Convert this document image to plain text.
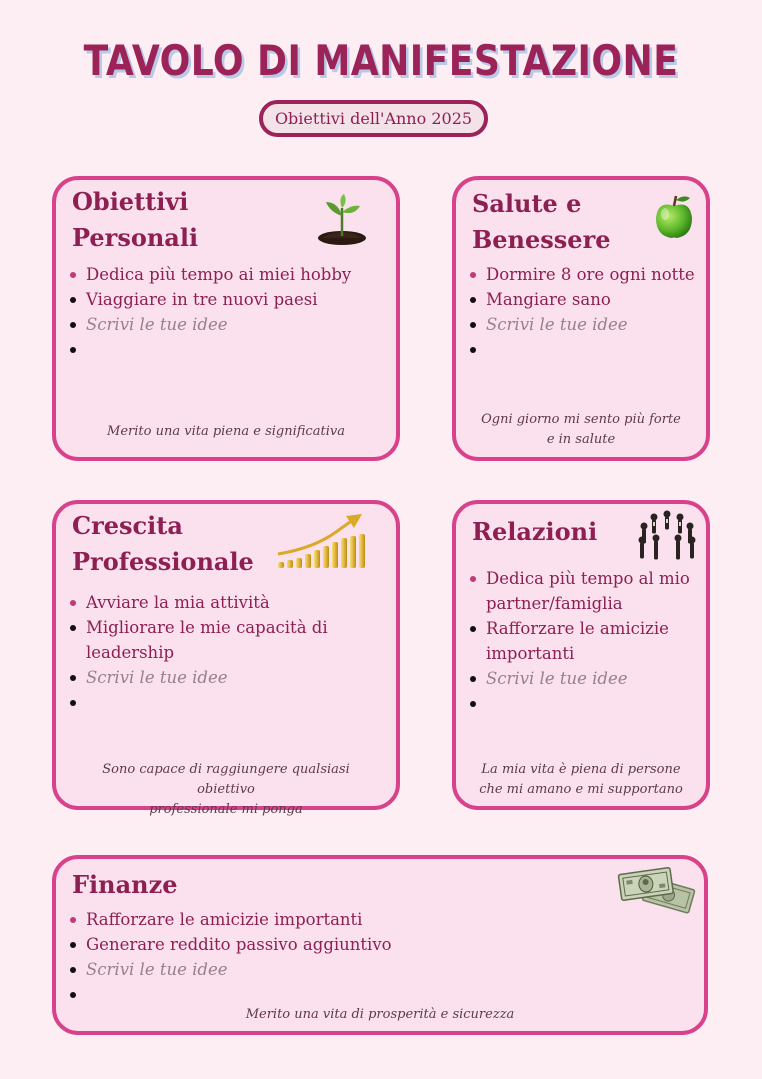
TAVOLO DI MANIFESTAZIONE
Obiettivi dell'Anno 2025
Obiettivi
Personali
Dedica più tempo ai miei hobby
Viaggiare in tre nuovi paesi
Scrivi le tue idee
Merito una vita piena e significativa
Salute e
Benessere
Dormire 8 ore ogni notte
Mangiare sano
Scrivi le tue idee
Ogni giorno mi sento più forte
e in salute
Crescita
Professionale
Avviare la mia attività
Migliorare le mie capacità di leadership
Scrivi le tue idee
Sono capace di raggiungere qualsiasi obiettivo
professionale mi ponga
Relazioni
Dedica più tempo al mio partner/famiglia
Rafforzare le amicizie importanti
Scrivi le tue idee
La mia vita è piena di persone
che mi amano e mi supportano
Finanze
Rafforzare le amicizie importanti
Generare reddito passivo aggiuntivo
Scrivi le tue idee
Merito una vita di prosperità e sicurezza
